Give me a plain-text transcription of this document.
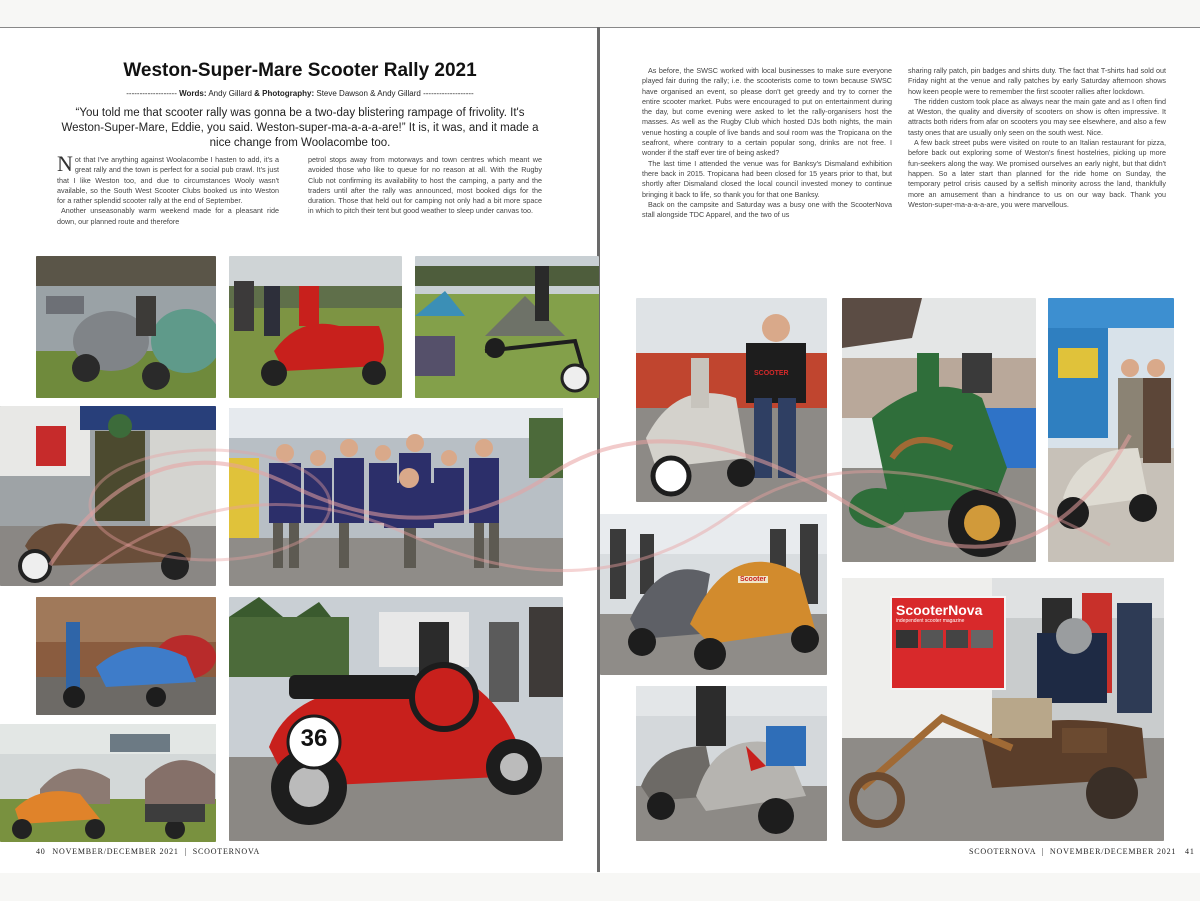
Weston-Super-Mare Scooter Rally 2021
------------------- Words: Andy Gillard & Photography: Steve Dawson & Andy Gillard -------------------
“You told me that scooter rally was gonna be a two-day blistering rampage of frivolity. It's Weston-Super-Mare, Eddie, you said. Weston-super-ma-a-a-a-are!” It is, it was, and it made a nice change from Woolacombe too.
N ot that I've anything against Woolacombe I hasten to add, it's a great rally and the town is perfect for a social pub crawl. It's just that I like Weston too, and due to circumstances Wooly wasn't available, so the South West Scooter Clubs booked us into Weston for a rather splendid scooter rally at the end of September.

Another unseasonably warm weekend made for a pleasant ride down, our planned route and therefore

petrol stops away from motorways and town centres which meant we avoided those who like to queue for no reason at all. With the Rugby Club not confirming its availability to host the camping, a party and the traders until after the rally was announced, most booked digs for the duration. Those that held out for camping not only had a bit more space in which to pitch their tent but good weather to sleep under canvas too.

As before, the SWSC worked with local businesses to make sure everyone played fair during the rally; i.e. the scooterists come to town because SWSC have organised an event, so please don't get greedy and try to corner the entire scooter market. Pubs were encouraged to put on entertainment during the day, but come evening were asked to let the rally-organisers host the masses. As well as the Rugby Club which hosted DJs both nights, the main venue hosting a couple of live bands and soul room was the Tropicana on the seafront, where contrary to a certain popular song, drinks are not free. I wonder if the staff ever tire of being asked?

The last time I attended the venue was for Banksy's Dismaland exhibition there back in 2015. Tropicana had been closed for 15 years prior to that, but shortly after Dismaland closed the local council invested money to continue bringing it back to life, so thank you for that one Banksy.

Back on the campsite and Saturday was a busy one with the ScooterNova stall alongside TDC Apparel, and the two of us

sharing rally patch, pin badges and shirts duty. The fact that T-shirts had sold out Friday night at the venue and rally patches by early Saturday afternoon shows how keen people were to remember the first scooter rallies after lockdown.

The ridden custom took place as always near the main gate and as I often find at Weston, the quality and diversity of scooters on show is often impressive. It attracts both riders from afar on scooters you may see elsewhere, and also a few tasty ones that are usually only seen on the south west. Nice.

A few back street pubs were visited on route to an Italian restaurant for pizza, before back out exploring some of Weston's finest hostelries, picking up more fun-seekers along the way. We promised ourselves an early night, but that didn't happen. So a later start than planned for the ride home on Sunday, the temporary petrol crisis caused by a selfish minority across the land, thankfully more an amusement than a hindrance to us on our way back. Thank you Weston-super-ma-a-a-a-are, you were marvellous.

36
SCOOTER
Scooter
ScooterNova
independent scooter magazine
40 NOVEMBER/DECEMBER 2021 | SCOOTERNOVA	SCOOTERNOVA | NOVEMBER/DECEMBER 2021 41
